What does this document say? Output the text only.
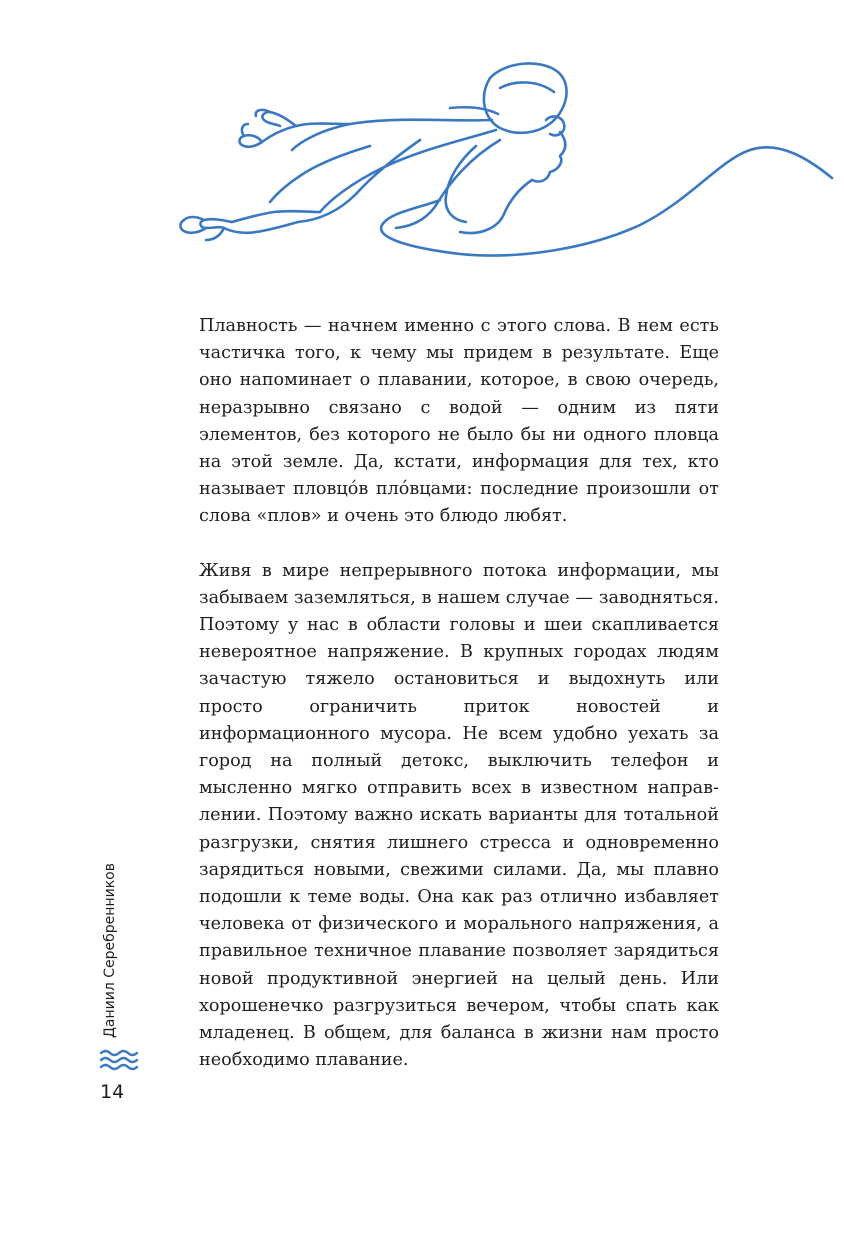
Плавность — начнем именно с этого слова. В нем есть частичка того, к чему мы придем в результате. Еще оно напоминает о плавании, которое, в свою очередь, неразрывно связано с водой — одним из пяти элементов, без которого не было бы ни одного пловца на этой земле. Да, кстати, информация для тех, кто называет пловцóв плóвцами: последние произошли от слова «плов» и очень это блюдо любят.

Живя в мире непрерывного потока информации, мы забываем заземляться, в нашем случае — заводняться. Поэтому у нас в области головы и шеи скапливается невероятное напряжение. В крупных городах людям зачастую тяжело остановиться и выдохнуть или просто ограничить приток новостей и информационного мусора. Не всем удобно уехать за город на полный детокс, выключить телефон и мысленно мягко отправить всех в известном направлении. Поэтому важно искать варианты для тотальной разгрузки, снятия лишнего стресса и одновременно зарядиться новыми, свежими силами. Да, мы плавно подошли к теме воды. Она как раз отлично избавляет человека от физического и морального напряжения, а правильное техничное плавание позволяет зарядиться новой продуктивной энергией на целый день. Или хорошенечко разгрузиться вечером, чтобы спать как младенец. В общем, для баланса в жизни нам просто необходимо плавание.

Даниил Серебренников
14
